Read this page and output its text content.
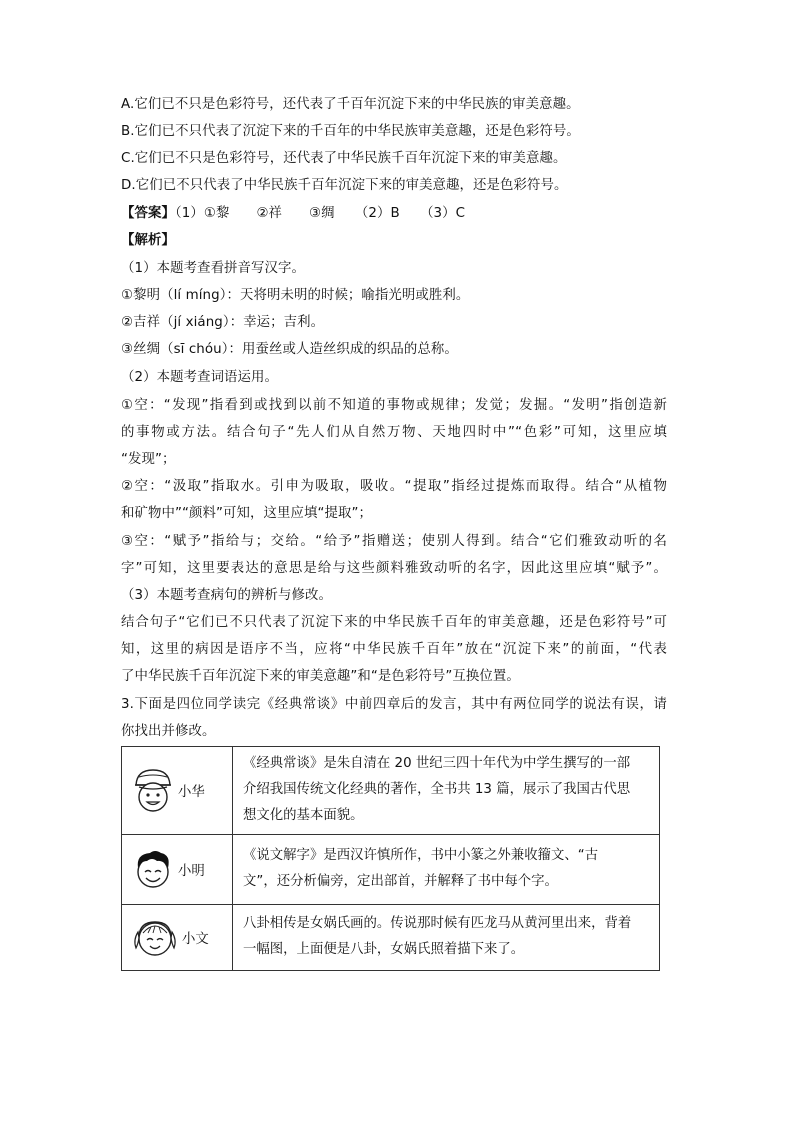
A.它们已不只是色彩符号，还代表了千百年沉淀下来的中华民族的审美意趣。
B.它们已不只代表了沉淀下来的千百年的中华民族审美意趣，还是色彩符号。
C.它们已不只是色彩符号，还代表了中华民族千百年沉淀下来的审美意趣。
D.它们已不只代表了中华民族千百年沉淀下来的审美意趣，还是色彩符号。
【答案】（1）①黎　　②祥　　③绸　　（2）B　　（3）C
【解析】
（1）本题考查看拼音写汉字。
①黎明（lí míng）：天将明未明的时候；喻指光明或胜利。
②吉祥（jí xiáng）：幸运；吉利。
③丝绸（sī chóu）：用蚕丝或人造丝织成的织品的总称。
（2）本题考查词语运用。
①空：“发现”指看到或找到以前不知道的事物或规律；发觉；发掘。“发明”指创造新
的事物或方法。结合句子“先人们从自然万物、天地四时中”“色彩”可知，这里应填
“发现”；
②空：“汲取”指取水。引申为吸取，吸收。“提取”指经过提炼而取得。结合“从植物
和矿物中”“颜料”可知，这里应填“提取”；
③空：“赋予”指给与；交给。“给予”指赠送；使别人得到。结合“它们雅致动听的名
字”可知，这里要表达的意思是给与这些颜料雅致动听的名字，因此这里应填“赋予”。
（3）本题考查病句的辨析与修改。
结合句子“它们已不只代表了沉淀下来的中华民族千百年的审美意趣，还是色彩符号”可
知，这里的病因是语序不当，应将“中华民族千百年”放在“沉淀下来”的前面，“代表
了中华民族千百年沉淀下来的审美意趣”和“是色彩符号”互换位置。
3.下面是四位同学读完《经典常谈》中前四章后的发言，其中有两位同学的说法有误，请
你找出并修改。
小华	《经典常谈》是朱自清在 20 世纪三四十年代为中学生撰写的一部
介绍我国传统文化经典的著作，全书共 13 篇，展示了我国古代思
想文化的基本面貌。

小明	《说文解字》是西汉许慎所作，书中小篆之外兼收籀文、“古
文”，还分析偏旁，定出部首，并解释了书中每个字。

小文	八卦相传是女娲氏画的。传说那时候有匹龙马从黄河里出来，背着
一幅图，上面便是八卦，女娲氏照着描下来了。
